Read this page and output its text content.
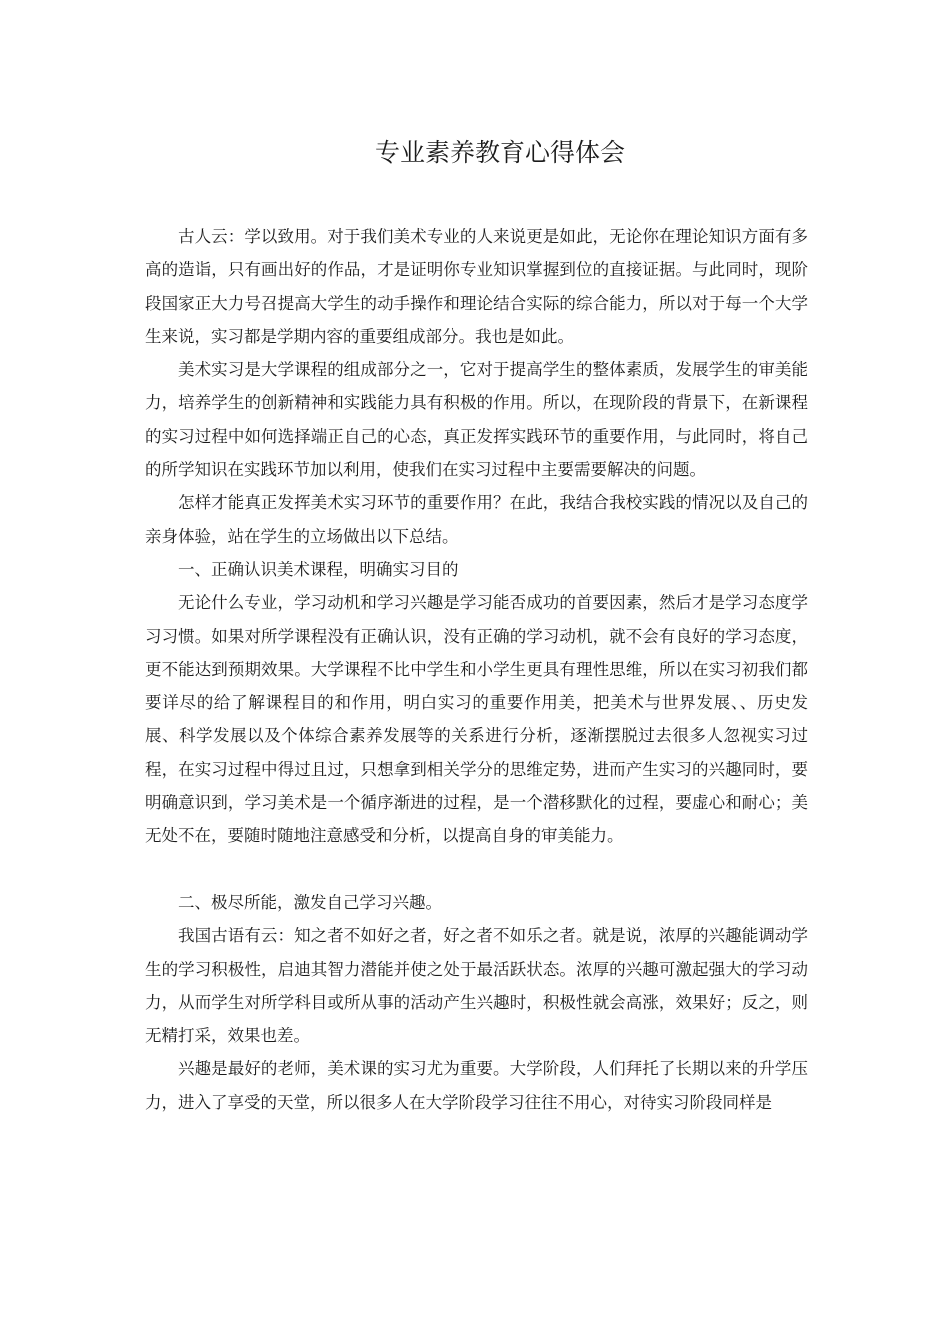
专业素养教育心得体会

古人云：学以致用。对于我们美术专业的人来说更是如此，无论你在理论知识方面有多高的造诣，只有画出好的作品，才是证明你专业知识掌握到位的直接证据。与此同时，现阶段国家正大力号召提高大学生的动手操作和理论结合实际的综合能力，所以对于每一个大学生来说，实习都是学期内容的重要组成部分。我也是如此。

美术实习是大学课程的组成部分之一，它对于提高学生的整体素质，发展学生的审美能力，培养学生的创新精神和实践能力具有积极的作用。所以，在现阶段的背景下，在新课程的实习过程中如何选择端正自己的心态，真正发挥实践环节的重要作用，与此同时，将自己的所学知识在实践环节加以利用，使我们在实习过程中主要需要解决的问题。

怎样才能真正发挥美术实习环节的重要作用？在此，我结合我校实践的情况以及自己的亲身体验，站在学生的立场做出以下总结。

一、正确认识美术课程，明确实习目的

无论什么专业，学习动机和学习兴趣是学习能否成功的首要因素，然后才是学习态度学习习惯。如果对所学课程没有正确认识，没有正确的学习动机，就不会有良好的学习态度，更不能达到预期效果。大学课程不比中学生和小学生更具有理性思维，所以在实习初我们都要详尽的给了解课程目的和作用，明白实习的重要作用美，把美术与世界发展、、历史发展、科学发展以及个体综合素养发展等的关系进行分析，逐渐摆脱过去很多人忽视实习过程，在实习过程中得过且过，只想拿到相关学分的思维定势，进而产生实习的兴趣同时，要明确意识到，学习美术是一个循序渐进的过程，是一个潜移默化的过程，要虚心和耐心；美无处不在，要随时随地注意感受和分析，以提高自身的审美能力。

二、极尽所能，激发自己学习兴趣。

我国古语有云：知之者不如好之者，好之者不如乐之者。就是说，浓厚的兴趣能调动学生的学习积极性，启迪其智力潜能并使之处于最活跃状态。浓厚的兴趣可激起强大的学习动力，从而学生对所学科目或所从事的活动产生兴趣时，积极性就会高涨，效果好；反之，则无精打采，效果也差。

兴趣是最好的老师，美术课的实习尤为重要。大学阶段，人们拜托了长期以来的升学压力，进入了享受的天堂，所以很多人在大学阶段学习往往不用心，对待实习阶段同样是
